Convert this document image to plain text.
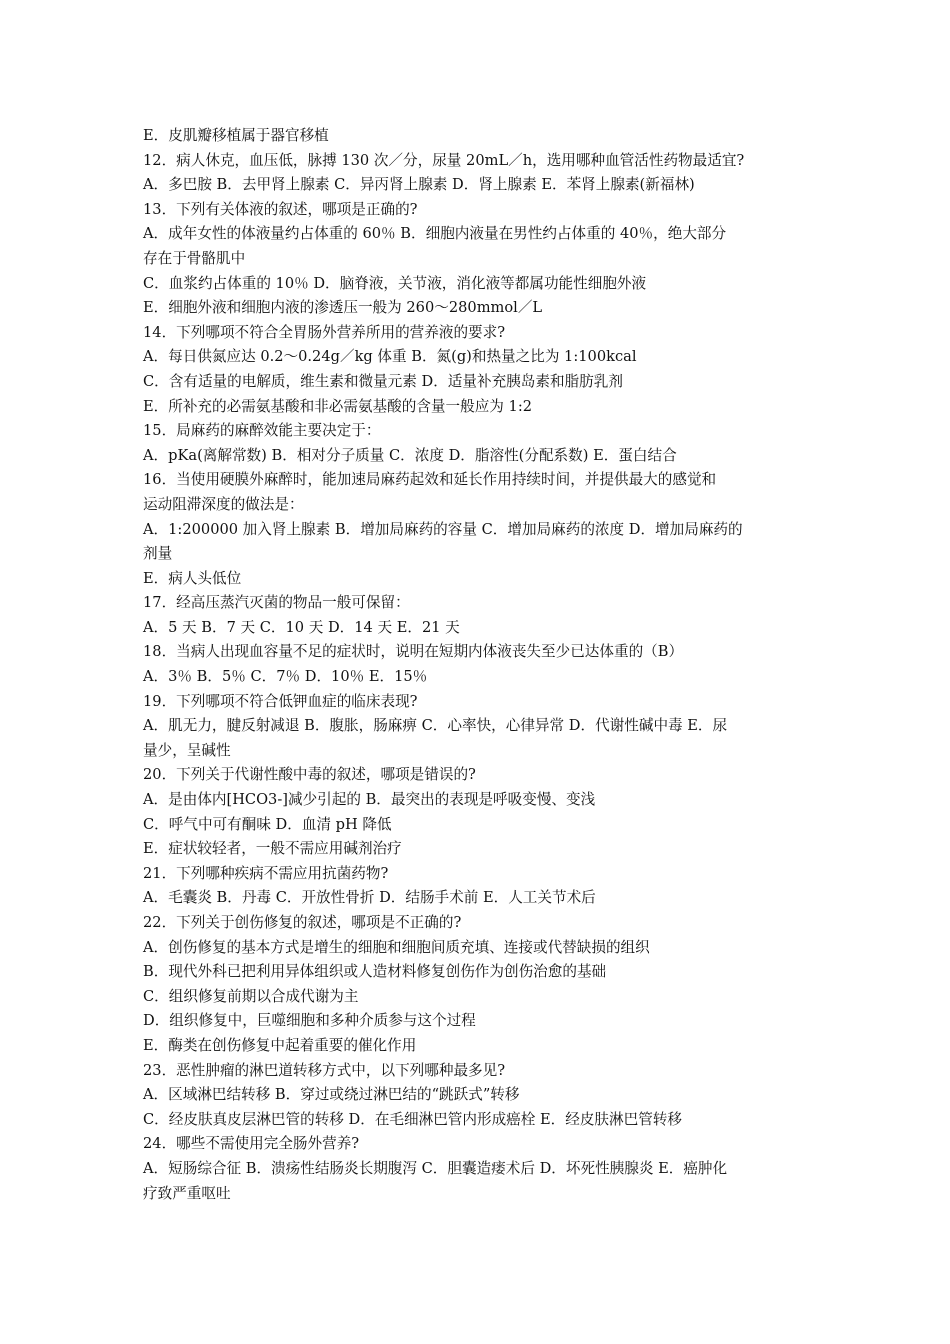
E．皮肌瓣移植属于器官移植
12．病人休克，血压低，脉搏 130 次／分，尿量 20mL／h，选用哪种血管活性药物最适宜?
A．多巴胺 B．去甲肾上腺素 C．异丙肾上腺素 D．肾上腺素 E．苯肾上腺素(新福林)
13．下列有关体液的叙述，哪项是正确的?
A．成年女性的体液量约占体重的 60％ B．细胞内液量在男性约占体重的 40％，绝大部分
存在于骨骼肌中
C．血浆约占体重的 10％ D．脑脊液，关节液，消化液等都属功能性细胞外液
E．细胞外液和细胞内液的渗透压一般为 260～280mmol／L
14．下列哪项不符合全胃肠外营养所用的营养液的要求?
A．每日供氮应达 0.2～0.24g／kg 体重 B．氮(g)和热量之比为 1:100kcal
C．含有适量的电解质，维生素和微量元素 D．适量补充胰岛素和脂肪乳剂
E．所补充的必需氨基酸和非必需氨基酸的含量一般应为 1:2
15．局麻药的麻醉效能主要决定于：
A．pKa(离解常数) B．相对分子质量 C．浓度 D．脂溶性(分配系数) E．蛋白结合
16．当使用硬膜外麻醉时，能加速局麻药起效和延长作用持续时间，并提供最大的感觉和
运动阻滞深度的做法是：
A．1:200000 加入肾上腺素 B．增加局麻药的容量 C．增加局麻药的浓度 D．增加局麻药的
剂量
E．病人头低位
17．经高压蒸汽灭菌的物品一般可保留：
A．5 天 B．7 天 C．10 天 D．14 天 E．21 天
18．当病人出现血容量不足的症状时，说明在短期内体液丧失至少已达体重的（B）
A．3％ B．5％ C．7％ D．10％ E．15％
19．下列哪项不符合低钾血症的临床表现?
A．肌无力，腱反射减退 B．腹胀，肠麻痹 C．心率快，心律异常 D．代谢性碱中毒 E．尿
量少，呈碱性
20．下列关于代谢性酸中毒的叙述，哪项是错误的?
A．是由体内[HCO3-]减少引起的 B．最突出的表现是呼吸变慢、变浅
C．呼气中可有酮味 D．血清 pH 降低
E．症状较轻者，一般不需应用碱剂治疗
21．下列哪种疾病不需应用抗菌药物?
A．毛囊炎 B．丹毒 C．开放性骨折 D．结肠手术前 E．人工关节术后
22．下列关于创伤修复的叙述，哪项是不正确的?
A．创伤修复的基本方式是增生的细胞和细胞间质充填、连接或代替缺损的组织
B．现代外科已把利用异体组织或人造材料修复创伤作为创伤治愈的基础
C．组织修复前期以合成代谢为主
D．组织修复中，巨噬细胞和多种介质参与这个过程
E．酶类在创伤修复中起着重要的催化作用
23．恶性肿瘤的淋巴道转移方式中，以下列哪种最多见?
A．区域淋巴结转移 B．穿过或绕过淋巴结的“跳跃式”转移
C．经皮肤真皮层淋巴管的转移 D．在毛细淋巴管内形成癌栓 E．经皮肤淋巴管转移
24．哪些不需使用完全肠外营养?
A．短肠综合征 B．溃疡性结肠炎长期腹泻 C．胆囊造瘘术后 D．坏死性胰腺炎 E．癌肿化
疗致严重呕吐
